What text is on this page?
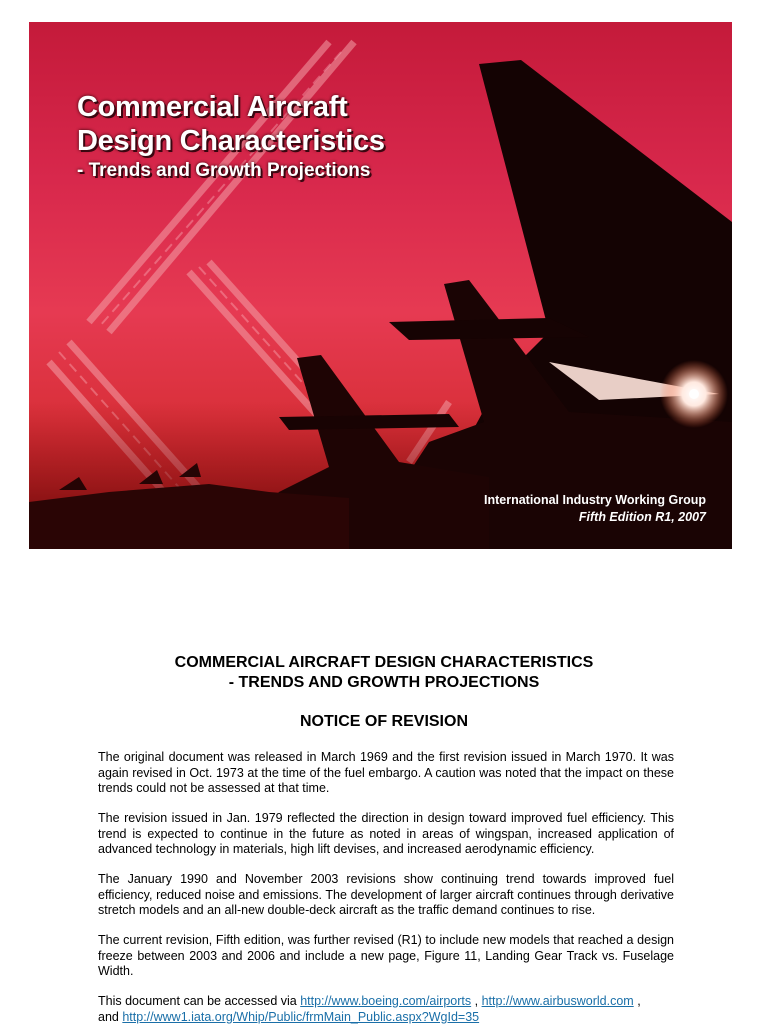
Commercial Aircraft
Design Characteristics
- Trends and Growth Projections
International Industry Working Group
Fifth Edition R1, 2007
COMMERCIAL AIRCRAFT DESIGN CHARACTERISTICS
- TRENDS AND GROWTH PROJECTIONS
NOTICE OF REVISION

The original document was released in March 1969 and the first revision issued in March 1970. It was again revised in Oct. 1973 at the time of the fuel embargo. A caution was noted that the impact on these trends could not be assessed at that time.

The revision issued in Jan. 1979 reflected the direction in design toward improved fuel efficiency. This trend is expected to continue in the future as noted in areas of wingspan, increased application of advanced technology in materials, high lift devises, and increased aerodynamic efficiency.

The January 1990 and November 2003 revisions show continuing trend towards improved fuel efficiency, reduced noise and emissions. The development of larger aircraft continues through derivative stretch models and an all-new double-deck aircraft as the traffic demand continues to rise.

The current revision, Fifth edition, was further revised (R1) to include new models that reached a design freeze between 2003 and 2006 and include a new page, Figure 11, Landing Gear Track vs. Fuselage Width.

This document can be accessed via http://www.boeing.com/airports , http://www.airbusworld.com ,
and http://www1.iata.org/Whip/Public/frmMain_Public.aspx?WgId=35
